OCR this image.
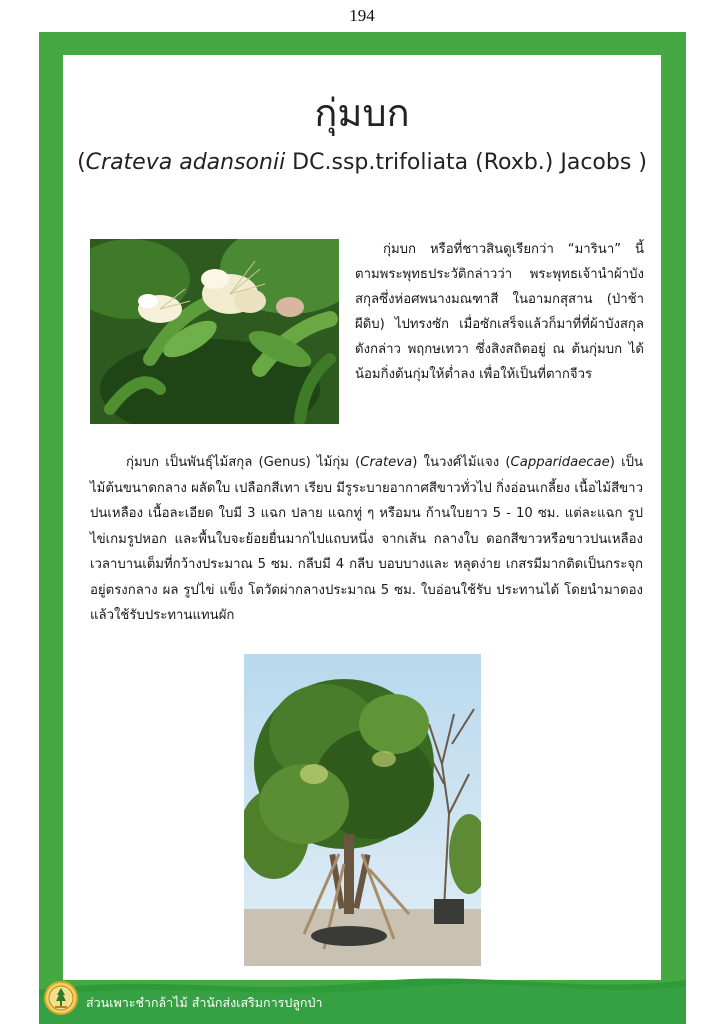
194
ส่วนเพาะชำกล้าไม้ สำนักส่งเสริมการปลูกป่า
กุ่มบก
(Crateva adansonii DC.ssp.trifoliata (Roxb.) Jacobs )

กุ่มบก หรือที่ชาวสินดูเรียกว่า “มารินา” นี้ ตามพระพุทธประวัติกล่าวว่า พระพุทธเจ้านำผ้าบังสกุลซึ่งห่อศพนางมณฑาสี ในอามกสุสาน (ป่าช้าผีดิบ) ไปทรงซัก เมื่อซักเสร็จแล้วก็มาที่ที่ผ้าบังสกุลดังกล่าว พฤกษเทวา ซึ่งสิงสถิตอยู่ ณ ต้นกุ่มบก ได้น้อมกิ่งต้นกุ่มให้ต่ำลง เพื่อให้เป็นที่ตากจีวร

กุ่มบก เป็นพันธุ์ไม้สกุล (Genus) ไม้กุ่ม (Crateva) ในวงศ์ไม้แจง (Capparidaecae) เป็นไม้ต้นขนาดกลาง ผลัดใบ เปลือกสีเทา เรียบ มีรูระบายอากาศสีขาวทั่วไป กิ่งอ่อนเกลี้ยง เนื้อไม้สีขาวปนเหลือง เนื้อละเอียด ใบมี 3 แฉก ปลาย แฉกทู่ ๆ หรือมน ก้านใบยาว 5 - 10 ซม. แต่ละแฉก รูปไข่เกมรูปหอก และพื้นใบจะย้อยยื่นมากไปแถบหนึ่ง จากเส้น กลางใบ ดอกสีขาวหรือขาวปนเหลือง เวลาบานเต็มที่กว้างประมาณ 5 ซม. กลีบมี 4 กลีบ บอบบางและ หลุดง่าย เกสรมีมากติดเป็นกระจุก อยู่ตรงกลาง ผล รูปไข่ แข็ง โตวัดผ่ากลางประมาณ 5 ซม. ใบอ่อนใช้รับ ประทานได้ โดยนำมาดองแล้วใช้รับประทานแทนผัก
